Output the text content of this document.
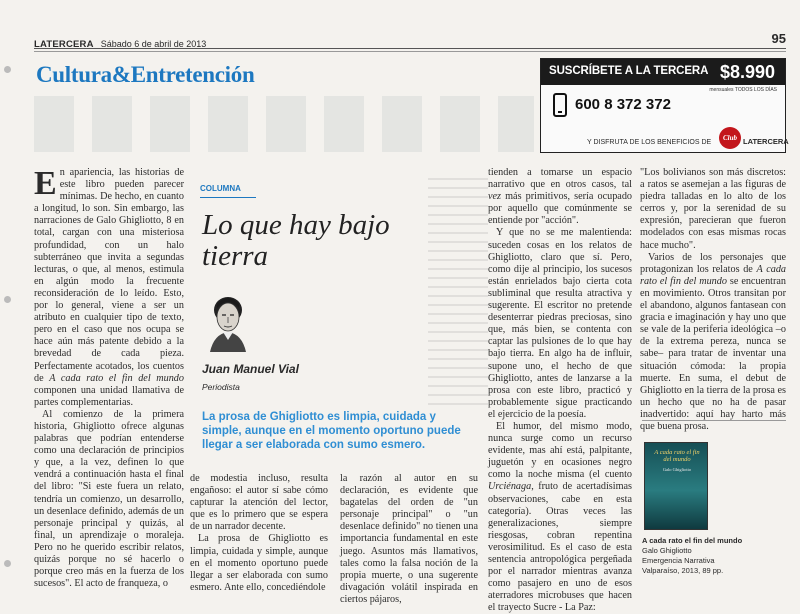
LATERCERA Sábado 6 de abril de 2013	95
Cultura&Entretención	SUSCRÍBETE A LA TERCERA $8.990
mensuales TODOS LOS DÍAS
600 8 372 372
Y DISFRUTA DE LOS BENEFICIOS DE
Club LATERCERA
E n apariencia, las historias de este libro pueden parecer mínimas. De hecho, en cuanto a longitud, lo son. Sin embargo, las narraciones de Galo Ghigliotto, 8 en total, cargan con una misteriosa profundidad, con un halo subterráneo que invita a segundas lecturas, o que, al menos, estimula en algún modo la frecuente reconsideración de lo leído. Esto, por lo general, viene a ser un atributo en cualquier tipo de texto, pero en el caso que nos ocupa se hace aún más patente debido a la brevedad de cada pieza. Perfectamente acotados, los cuentos de A cada rato el fin del mundo componen una unidad llamativa de partes complementarias.

Al comienzo de la primera historia, Ghigliotto ofrece algunas palabras que podrían entenderse como una declaración de principios y que, a la vez, definen lo que vendrá a continuación hasta el final del libro: "Si este fuera un relato, tendría un comienzo, un desarrollo, un desenlace definido, además de un personaje principal y quizás, al final, un aprendizaje o moraleja. Pero no he querido escribir relatos, quizás porque no sé hacerlo o porque creo más en la fuerza de los sucesos". El acto de franqueza, o

COLUMNA
Lo que hay bajo tierra
Juan Manuel Vial
Periodista
La prosa de Ghigliotto es limpia, cuidada y simple, aunque en el momento oportuno puede llegar a ser elaborada con sumo esmero.

de modestia incluso, resulta engañoso: el autor sí sabe cómo capturar la atención del lector, que es lo primero que se espera de un narrador decente.

La prosa de Ghigliotto es limpia, cuidada y simple, aunque en el momento oportuno puede llegar a ser elaborada con sumo esmero. Ante ello, concediéndole

la razón al autor en su declaración, es evidente que bagatelas del orden de "un personaje principal" o "un desenlace definido" no tienen una importancia fundamental en este juego. Asuntos más llamativos, tales como la falsa noción de la propia muerte, o una sugerente divagación volátil inspirada en ciertos pájaros,

tienden a tomarse un espacio narrativo que en otros casos, tal vez más primitivos, sería ocupado por aquello que comúnmente se entiende por "acción".

Y que no se me malentienda: suceden cosas en los relatos de Ghigliotto, claro que sí. Pero, como dije al principio, los sucesos están enrielados bajo cierta cota subliminal que resulta atractiva y sugerente. El escritor no pretende desenterrar piedras preciosas, sino que, más bien, se contenta con captar las pulsiones de lo que hay bajo tierra. En algo ha de influir, supone uno, el hecho de que Ghigliotto, antes de lanzarse a la prosa con este libro, practicó y probablemente sigue practicando el ejercicio de la poesía.

El humor, del mismo modo, nunca surge como un recurso evidente, mas ahí está, palpitante, juguetón y en ocasiones negro como la noche misma (el cuento Urciénaga, fruto de acertadísimas observaciones, cabe en esta categoría). Otras veces las generalizaciones, siempre riesgosas, cobran repentina verosimilitud. Es el caso de esta sentencia antropológica pergeñada por el narrador mientras avanza como pasajero en uno de esos aterradores microbuses que hacen el trayecto Sucre - La Paz:

"Los bolivianos son más discretos: a ratos se asemejan a las figuras de piedra talladas en lo alto de los cerros y, por la serenidad de su expresión, parecieran que fueron modelados con esas mismas rocas hace mucho".

Varios de los personajes que protagonizan los relatos de A cada rato el fin del mundo se encuentran en movimiento. Otros transitan por el abandono, algunos fantasean con gracia e imaginación y hay uno que se vale de la periferia ideológica –o de la extrema pereza, nunca se sabe– para tratar de inventar una situación cómoda: la propia muerte. En suma, el debut de Ghigliotto en la tierra de la prosa es un hecho que no ha de pasar inadvertido: aquí hay harto más que buena prosa.

A cada rato el fin del mundo
Galo Ghigliotto
A cada rato el fin del mundo
Galo Ghigliotto
Emergencia Narrativa
Valparaíso, 2013, 89 pp.
